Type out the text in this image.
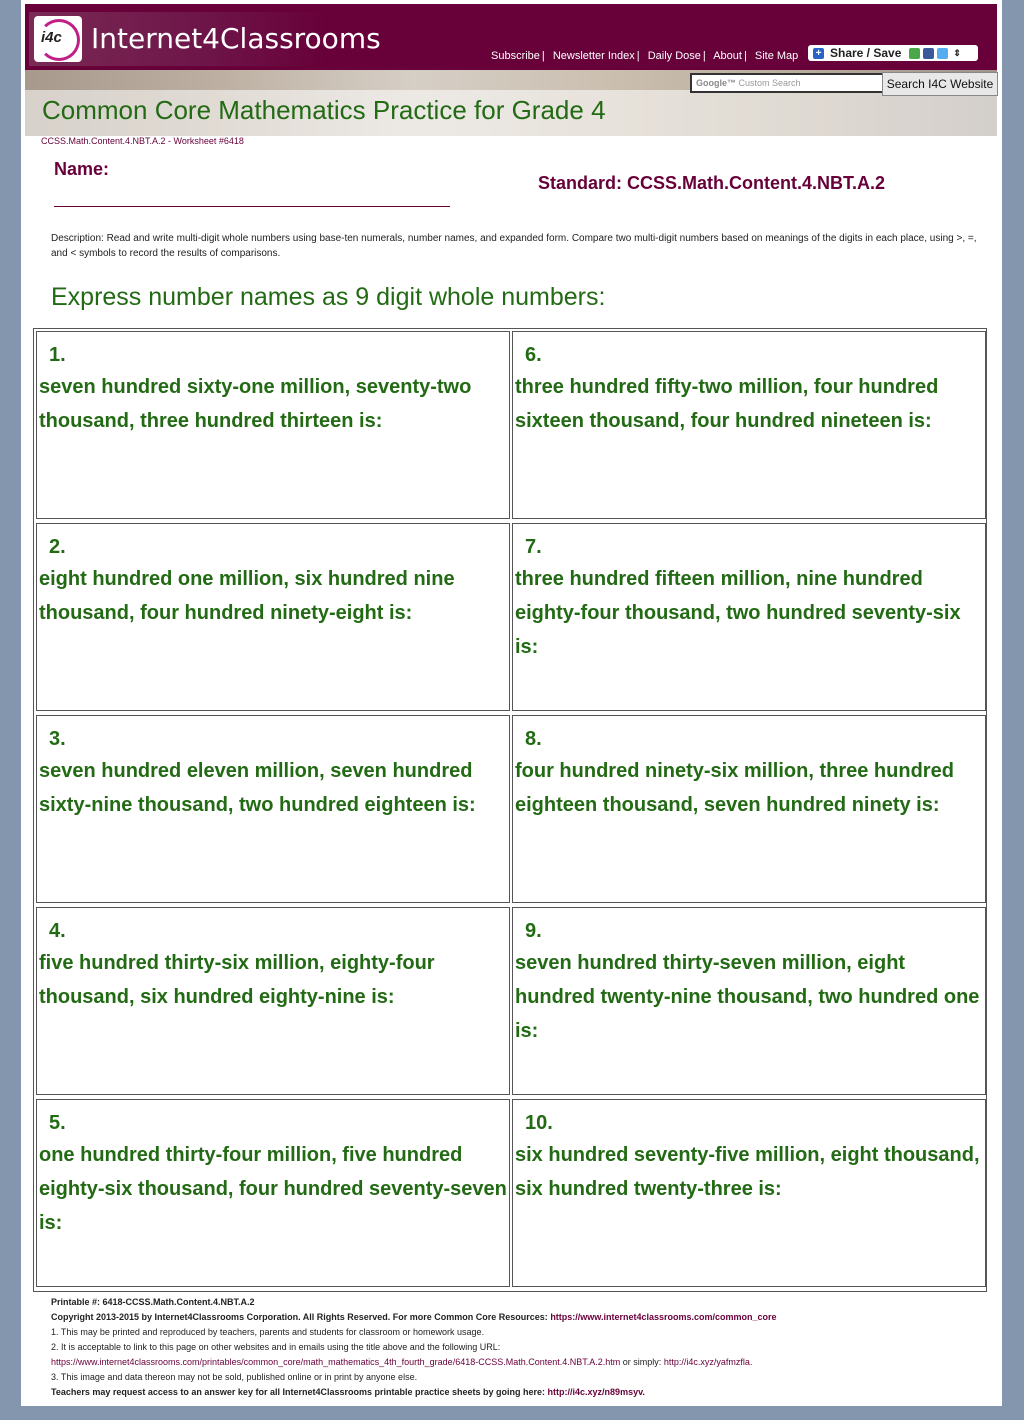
i4c Internet4Classrooms
Subscribe | Newsletter Index | Daily Dose | About | Site Map + Share / Save	⇕
Google™ Custom Search	Search I4C Website
Common Core Mathematics Practice for Grade 4
CCSS.Math.Content.4.NBT.A.2 - Worksheet #6418
Name:
Standard: CCSS.Math.Content.4.NBT.A.2
Description: Read and write multi-digit whole numbers using base-ten numerals, number names, and expanded form. Compare two multi-digit numbers based on meanings of the digits in each place, using >, =, and < symbols to record the results of comparisons.
Express number names as 9 digit whole numbers:
1.
seven hundred sixty-one million, seventy-two thousand, three hundred thirteen is:
2.
eight hundred one million, six hundred nine thousand, four hundred ninety-eight is:
3.
seven hundred eleven million, seven hundred sixty-nine thousand, two hundred eighteen is:
4.
five hundred thirty-six million, eighty-four thousand, six hundred eighty-nine is:
5.
one hundred thirty-four million, five hundred eighty-six thousand, four hundred seventy-seven is:
6.
three hundred fifty-two million, four hundred sixteen thousand, four hundred nineteen is:
7.
three hundred fifteen million, nine hundred eighty-four thousand, two hundred seventy-six is:
8.
four hundred ninety-six million, three hundred eighteen thousand, seven hundred ninety is:
9.
seven hundred thirty-seven million, eight hundred twenty-nine thousand, two hundred one is:
10.
six hundred seventy-five million, eight thousand, six hundred twenty-three is:
Printable #: 6418-CCSS.Math.Content.4.NBT.A.2
Copyright 2013-2015 by Internet4Classrooms Corporation. All Rights Reserved. For more Common Core Resources: https://www.internet4classrooms.com/common_core
1. This may be printed and reproduced by teachers, parents and students for classroom or homework usage.
2. It is acceptable to link to this page on other websites and in emails using the title above and the following URL:
https://www.internet4classrooms.com/printables/common_core/math_mathematics_4th_fourth_grade/6418-CCSS.Math.Content.4.NBT.A.2.htm or simply: http://i4c.xyz/yafmzfla.
3. This image and data thereon may not be sold, published online or in print by anyone else.
Teachers may request access to an answer key for all Internet4Classrooms printable practice sheets by going here: http://i4c.xyz/n89msyv.
